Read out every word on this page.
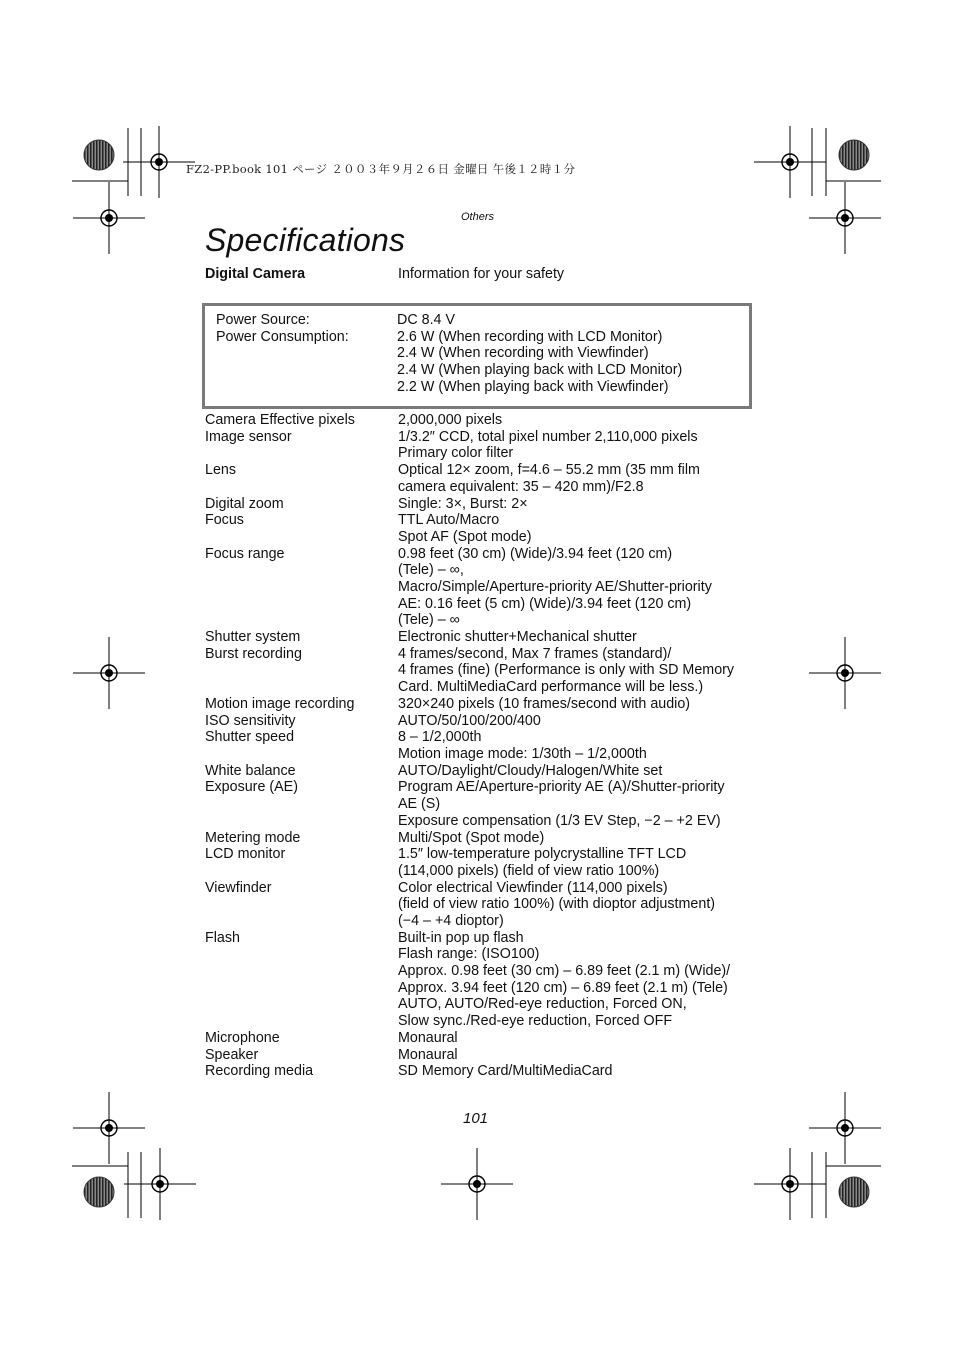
FZ2-PP.book 101 ページ ２００３年９月２６日 金曜日 午後１２時１分
Others
Specifications
Digital Camera	Information for your safety
Power Source:	DC 8.4 V
Power Consumption:	2.6 W (When recording with LCD Monitor)
2.4 W (When recording with Viewfinder)
2.4 W (When playing back with LCD Monitor)
2.2 W (When playing back with Viewfinder)
Camera Effective pixels	2,000,000 pixels
Image sensor	1/3.2″ CCD, total pixel number 2,110,000 pixels
Primary color filter
Lens	Optical 12× zoom, f=4.6 – 55.2 mm (35 mm film
camera equivalent: 35 – 420 mm)/F2.8
Digital zoom	Single: 3×, Burst: 2×
Focus	TTL Auto/Macro
Spot AF (Spot mode)
Focus range	0.98 feet (30 cm) (Wide)/3.94 feet (120 cm)
(Tele) – ∞,
Macro/Simple/Aperture-priority AE/Shutter-priority
AE: 0.16 feet (5 cm) (Wide)/3.94 feet (120 cm)
(Tele) – ∞
Shutter system	Electronic shutter+Mechanical shutter
Burst recording	4 frames/second, Max 7 frames (standard)/
4 frames (fine) (Performance is only with SD Memory
Card. MultiMediaCard performance will be less.)
Motion image recording	320×240 pixels (10 frames/second with audio)
ISO sensitivity	AUTO/50/100/200/400
Shutter speed	8 – 1/2,000th
Motion image mode: 1/30th – 1/2,000th
White balance	AUTO/Daylight/Cloudy/Halogen/White set
Exposure (AE)	Program AE/Aperture-priority AE (A)/Shutter-priority
AE (S)
Exposure compensation (1/3 EV Step, −2 – +2 EV)
Metering mode	Multi/Spot (Spot mode)
LCD monitor	1.5″ low-temperature polycrystalline TFT LCD
(114,000 pixels) (field of view ratio 100%)
Viewfinder	Color electrical Viewfinder (114,000 pixels)
(field of view ratio 100%) (with dioptor adjustment)
(−4 – +4 dioptor)
Flash	Built-in pop up flash
Flash range: (ISO100)
Approx. 0.98 feet (30 cm) – 6.89 feet (2.1 m) (Wide)/
Approx. 3.94 feet (120 cm) – 6.89 feet (2.1 m) (Tele)
AUTO, AUTO/Red-eye reduction, Forced ON,
Slow sync./Red-eye reduction, Forced OFF
Microphone	Monaural
Speaker	Monaural
Recording media	SD Memory Card/MultiMediaCard
101
